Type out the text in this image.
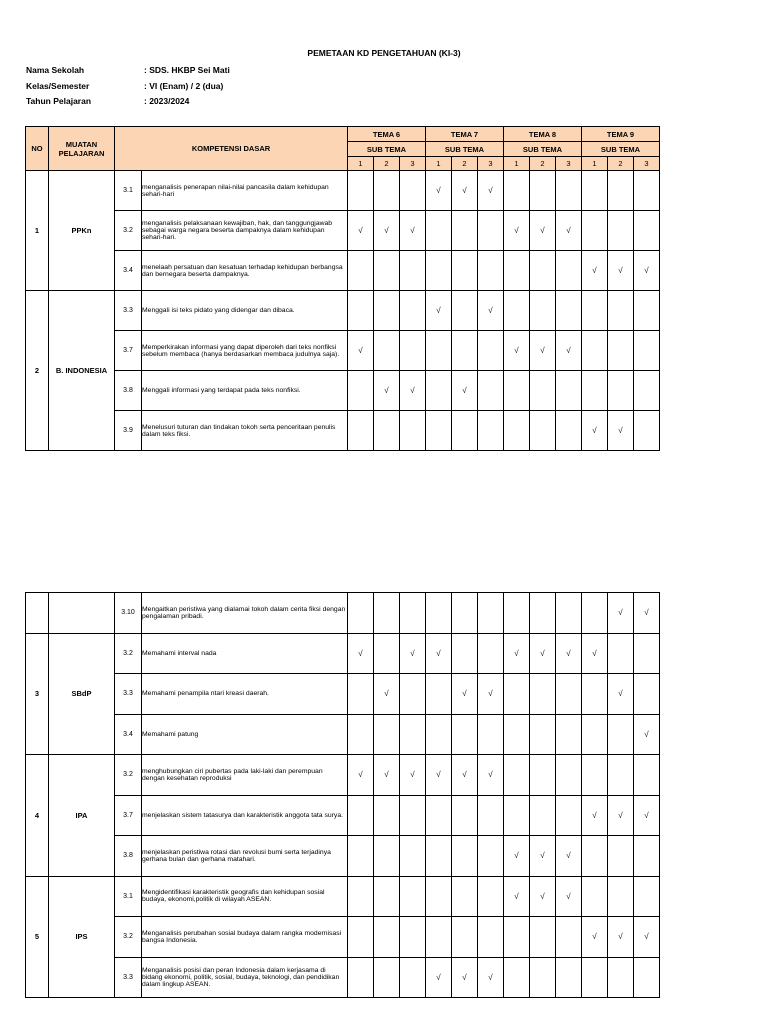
PEMETAAN KD PENGETAHUAN (KI-3)
Nama Sekolah	: SDS. HKBP Sei Mati
Kelas/Semester	: VI (Enam) / 2 (dua)
Tahun Pelajaran	: 2023/2024
NO	MUATAN PELAJARAN	KOMPETENSI DASAR		TEMA 6			TEMA 7			TEMA 8			TEMA 9		
				SUB TEMA			SUB TEMA			SUB TEMA			SUB TEMA		
				1	2	3	1	2	3	1	2	3	1	2	3
1	PPKn	3.1	menganalisis penerapan nilai-nilai pancasila dalam kehidupan sehari-hari				√	√	√						
		3.2	menganalisis pelaksanaan kewajiban, hak, dan tanggungjawab sebagai warga negara beserta dampaknya dalam kehidupan sehari-hari.	√	√	√				√	√	√			
		3.4	menelaah persatuan dan kesatuan terhadap kehidupan berbangsa dan bernegara beserta dampaknya.										√	√	√
2	B. INDONESIA	3.3	Menggali isi teks pidato yang didengar dan dibaca.				√		√						
		3.7	Memperkirakan informasi yang dapat diperoleh dari teks nonfiksi sebelum membaca (hanya berdasarkan membaca judulnya saja).	√						√	√	√			
		3.8	Menggali informasi yang terdapat pada teks nonfiksi.		√	√		√							
		3.9	Menelusuri tuturan dan tindakan tokoh serta penceritaan penulis dalam teks fiksi.										√	√	
		3.10	Mengaitkan peristiwa yang dialamai tokoh dalam cerita fiksi dengan pengalaman pribadi.											√	√
3	SBdP	3.2	Memahami interval nada	√		√	√			√	√	√	√		
		3.3	Memahami penampila ntari kreasi daerah.		√			√	√					√	
		3.4	Memahami patung												√
4	IPA	3.2	menghubungkan ciri pubertas pada laki-laki dan perempuan dengan kesehatan reproduksi	√	√	√	√	√	√						
		3.7	menjelaskan sistem tatasurya dan karakteristik anggota tata surya.										√	√	√
		3.8	menjelaskan peristiwa rotasi dan revolusi bumi serta terjadinya gerhana bulan dan gerhana matahari.							√	√	√			
5	IPS	3.1	Mengidentifikasi karakteristik geografis dan kehidupan sosial budaya, ekonomi,politik di wilayah ASEAN.							√	√	√			
		3.2	Menganalisis perubahan sosial budaya dalam rangka modernisasi bangsa Indonesia.										√	√	√
		3.3	Menganalisis posisi dan peran Indonesia dalam kerjasama di bidang ekonomi, politik, sosial, budaya, teknologi, dan pendidikan dalam lingkup ASEAN.				√	√	√						
